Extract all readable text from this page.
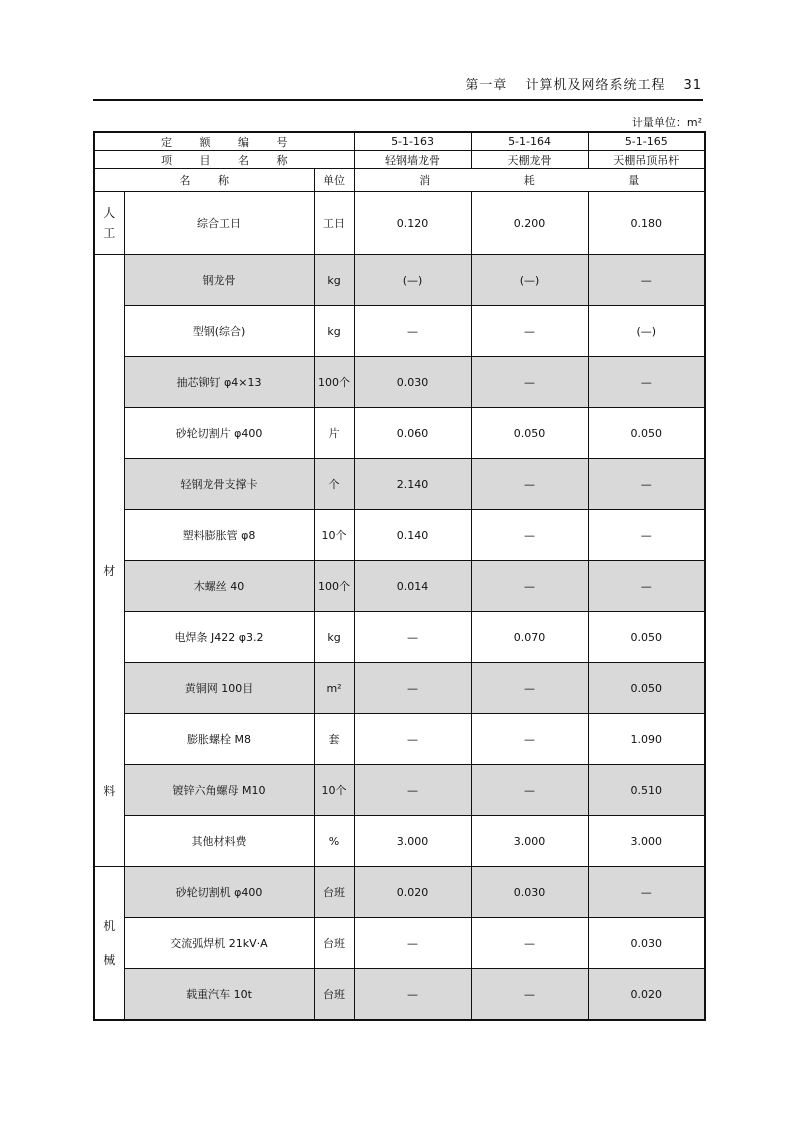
第一章 计算机及网络系统工程 31
计量单位：m²
定 额 编 号			5-1-163	5-1-164	5-1-165
项 目 名 称			轻钢墙龙骨	天棚龙骨	天棚吊顶吊杆
名 称		单位	消 耗 量		

人
工	综合工日	工日	0.120	0.200	0.180

材
料	钢龙骨	kg	(—)	(—)	—
	型钢(综合)	kg	—	—	(—)
	抽芯铆钉 φ4×13	100个	0.030	—	—
	砂轮切割片 φ400	片	0.060	0.050	0.050
	轻钢龙骨支撑卡	个	2.140	—	—
	塑料膨胀管 φ8	10个	0.140	—	—
	木螺丝 40	100个	0.014	—	—
	电焊条 J422 φ3.2	kg	—	0.070	0.050
	黄铜网 100目	m²	—	—	0.050
	膨胀螺栓 M8	套	—	—	1.090
	镀锌六角螺母 M10	10个	—	—	0.510
	其他材料费	%	3.000	3.000	3.000

机
械	砂轮切割机 φ400	台班	0.020	0.030	—
	交流弧焊机 21kV·A	台班	—	—	0.030
	载重汽车 10t	台班	—	—	0.020
